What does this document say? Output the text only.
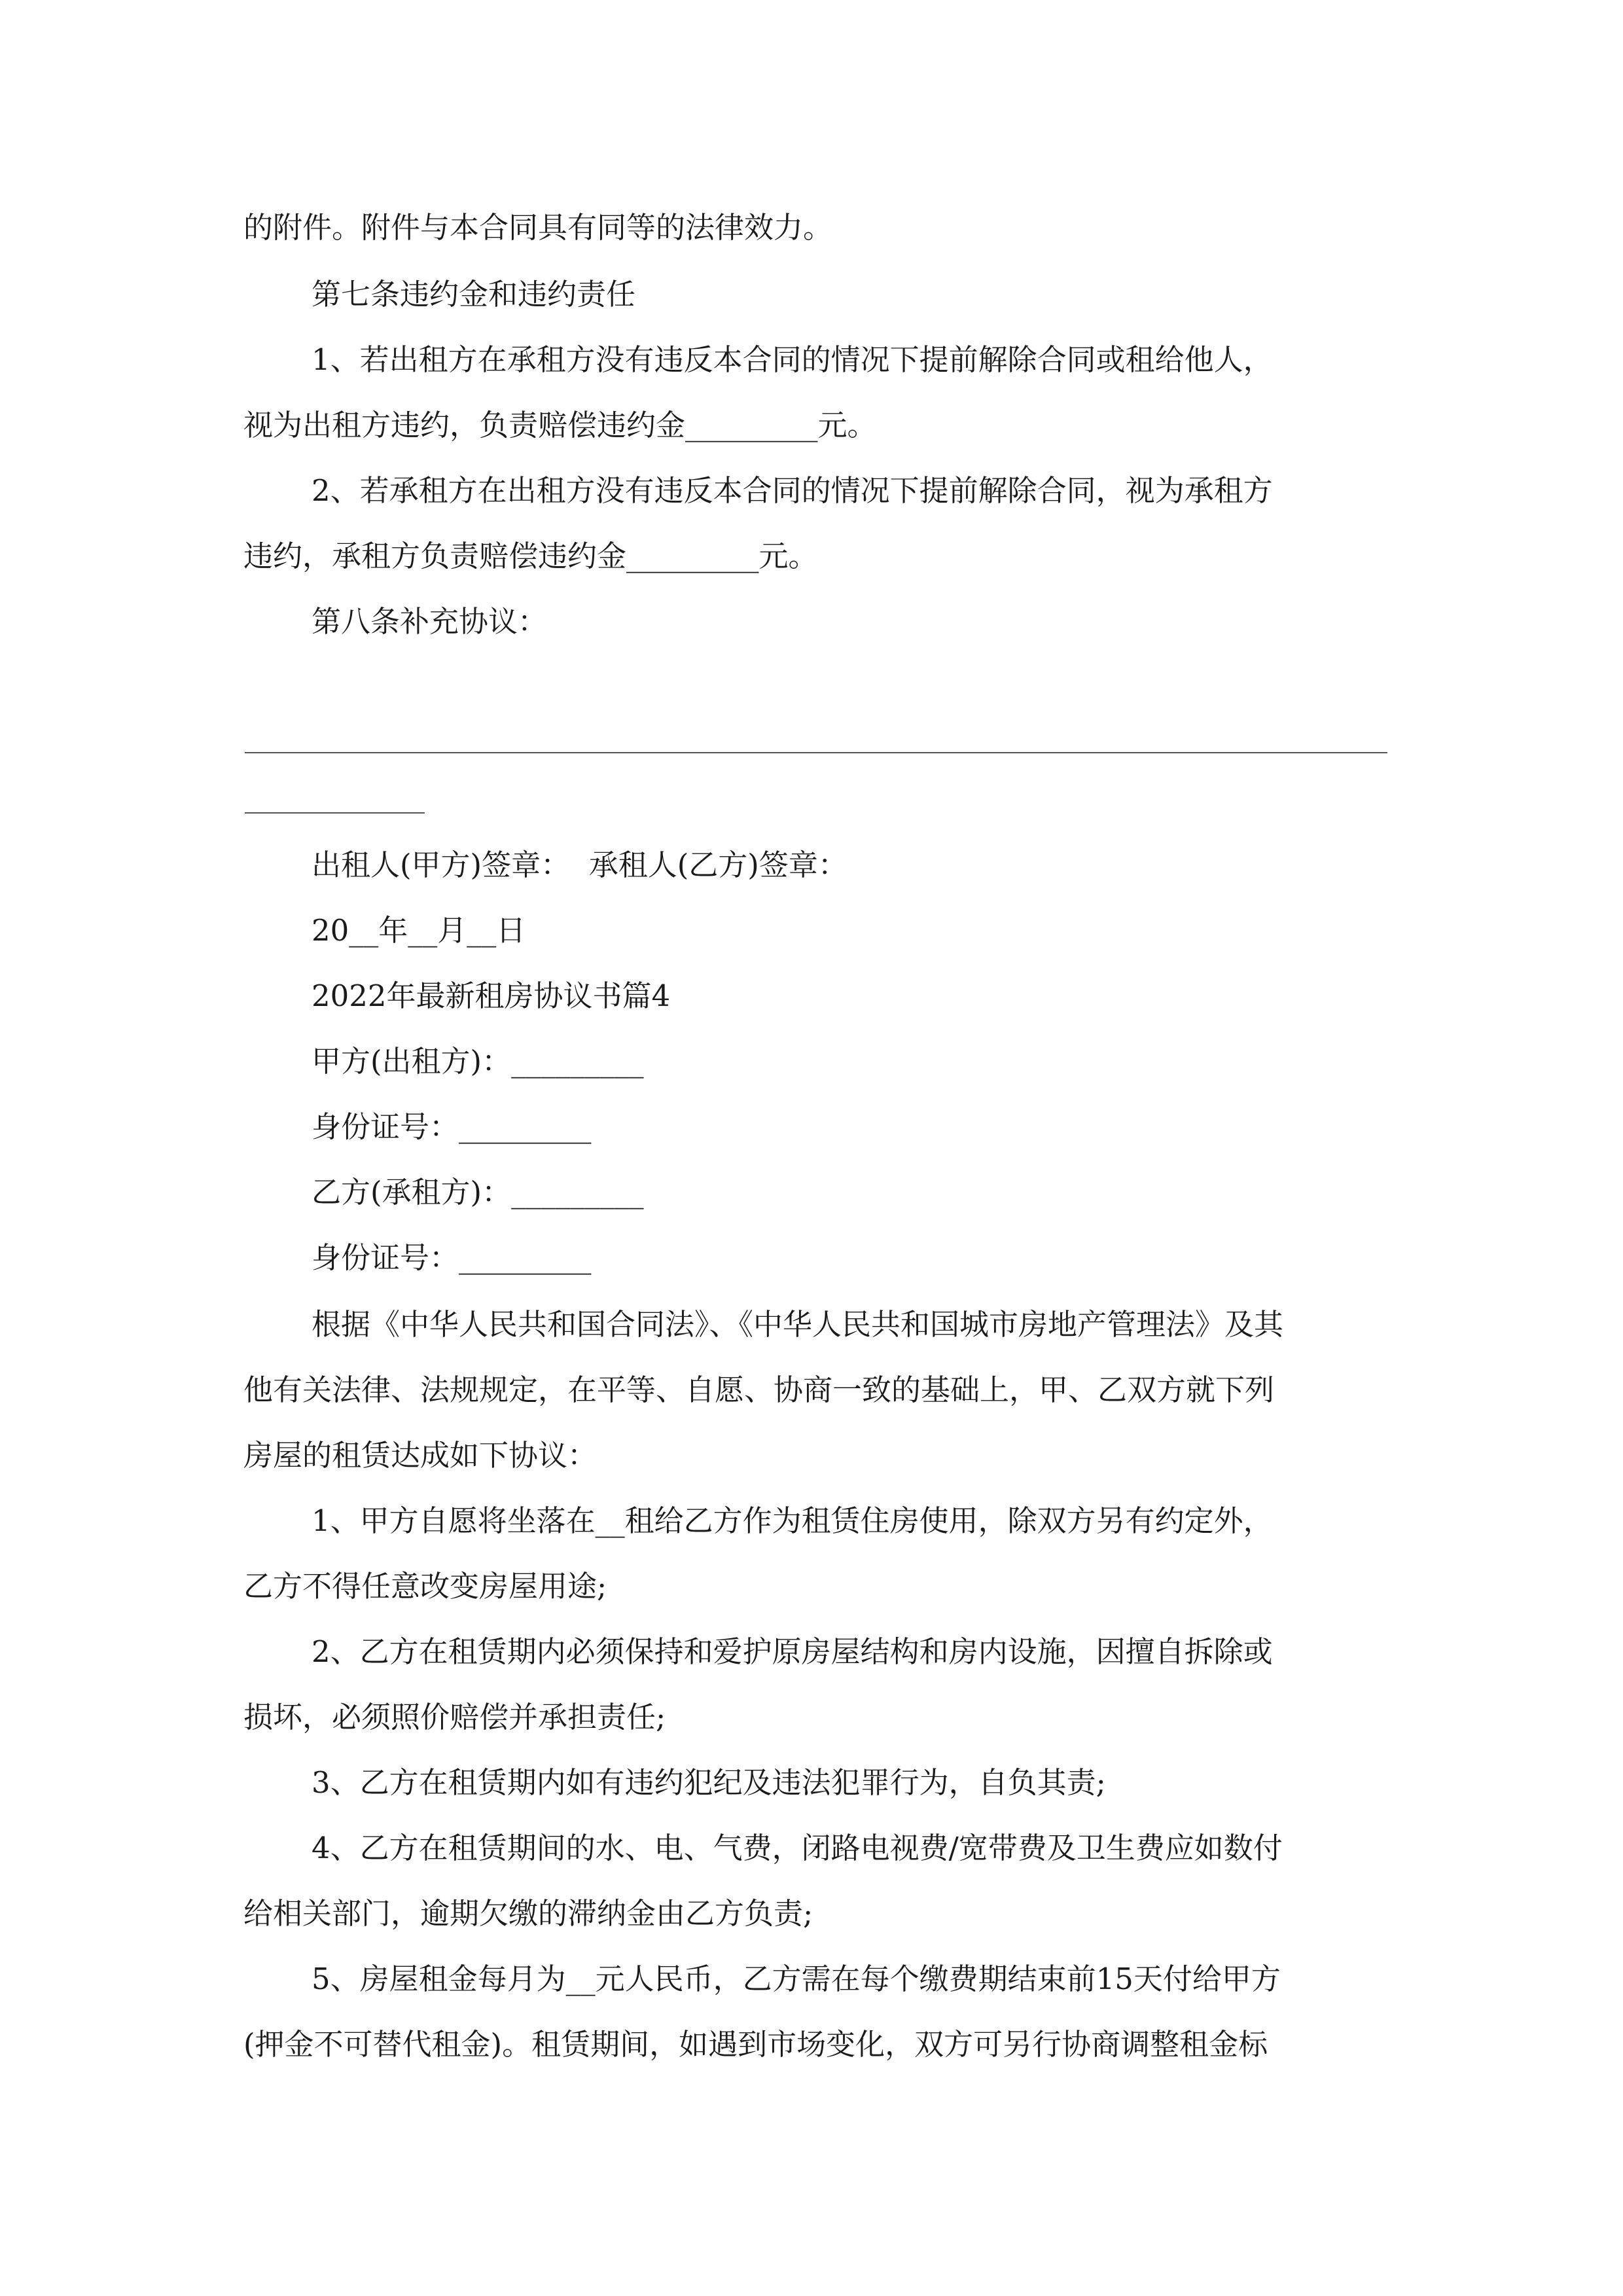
的附件。附件与本合同具有同等的法律效力。
第七条违约金和违约责任
1、若出租方在承租方没有违反本合同的情况下提前解除合同或租给他人，
视为出租方违约，负责赔偿违约金_________元。
2、若承租方在出租方没有违反本合同的情况下提前解除合同，视为承租方
违约，承租方负责赔偿违约金_________元。
第八条补充协议：
出租人(甲方)签章：  承租人(乙方)签章：
20__年__月__日
2022年最新租房协议书篇4
甲方(出租方)：_________
身份证号：_________
乙方(承租方)：_________
身份证号：_________
根据《中华人民共和国合同法》、《中华人民共和国城市房地产管理法》及其
他有关法律、法规规定，在平等、自愿、协商一致的基础上，甲、乙双方就下列
房屋的租赁达成如下协议：
1、甲方自愿将坐落在__租给乙方作为租赁住房使用，除双方另有约定外，
乙方不得任意改变房屋用途;
2、乙方在租赁期内必须保持和爱护原房屋结构和房内设施，因擅自拆除或
损坏，必须照价赔偿并承担责任;
3、乙方在租赁期内如有违约犯纪及违法犯罪行为，自负其责;
4、乙方在租赁期间的水、电、气费，闭路电视费/宽带费及卫生费应如数付
给相关部门，逾期欠缴的滞纳金由乙方负责;
5、房屋租金每月为__元人民币，乙方需在每个缴费期结束前15天付给甲方
(押金不可替代租金)。租赁期间，如遇到市场变化，双方可另行协商调整租金标
